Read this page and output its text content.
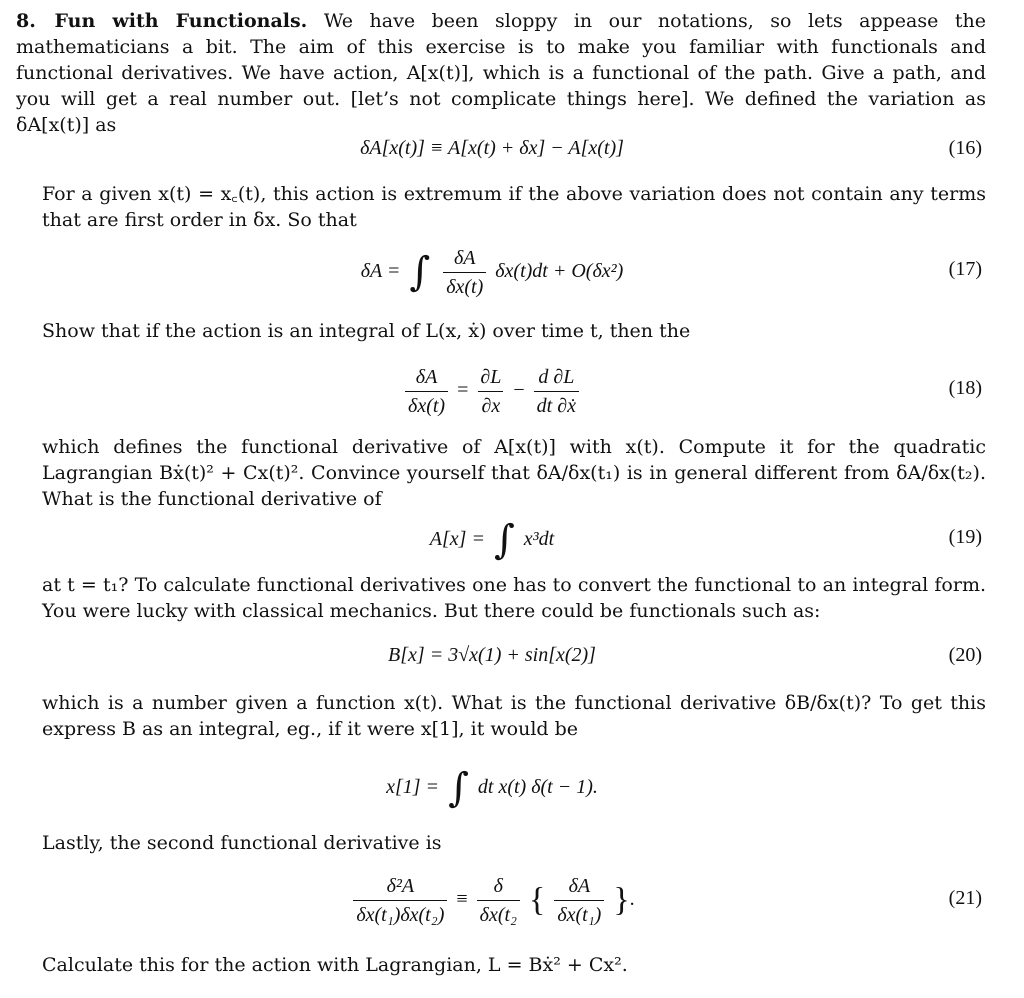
8. Fun with Functionals. We have been sloppy in our notations, so lets appease the mathematicians a bit. The aim of this exercise is to make you familiar with functionals and functional derivatives. We have action, A[x(t)], which is a functional of the path. Give a path, and you will get a real number out. [let’s not complicate things here]. We defined the variation as δA[x(t)] as
δA[x(t)] ≡ A[x(t) + δx] − A[x(t)]	(16)
For a given x(t) = x꜀(t), this action is extremum if the above variation does not contain any terms that are first order in δx. So that
δA = ∫ $\frac{\delta A}{\delta x(t)} \delta x(t)dt + O(\delta x^2)$	(17)
Show that if the action is an integral of L(x, ẋ) over time t, then the
$\frac{\delta A}{\delta x(t)} = \frac{\partial L}{\partial x} - \frac{d \partial L}{\text{dt ∂ẋ}}$	(18)
which defines the functional derivative of A[x(t)] with x(t). Compute it for the quadratic Lagrangian Bẋ(t)² + Cx(t)². Convince yourself that δA/δx(t₁) is in general different from δA/δx(t₂). What is the functional derivative of
A[x] = ∫ x³dt	(19)
at t = t₁? To calculate functional derivatives one has to convert the functional to an integral form. You were lucky with classical mechanics. But there could be functionals such as:
B[x] = 3√x(1) + sin[x(2)]	(20)
which is a number given a function x(t). What is the functional derivative δB/δx(t)? To get this express B as an integral, eg., if it were x[1], it would be
x[1] = ∫ dt x(t) δ(t − 1).
Lastly, the second functional derivative is
$\frac{\text{δ²A}}{\text{δx(t₁)δx(t₂)}} \equiv \frac{\delta}{\text{δx(t₂}}$ { $\frac{\delta A}{\text{δx(t₁)}}$ }.	(21)
Calculate this for the action with Lagrangian, L = Bẋ² + Cx².
